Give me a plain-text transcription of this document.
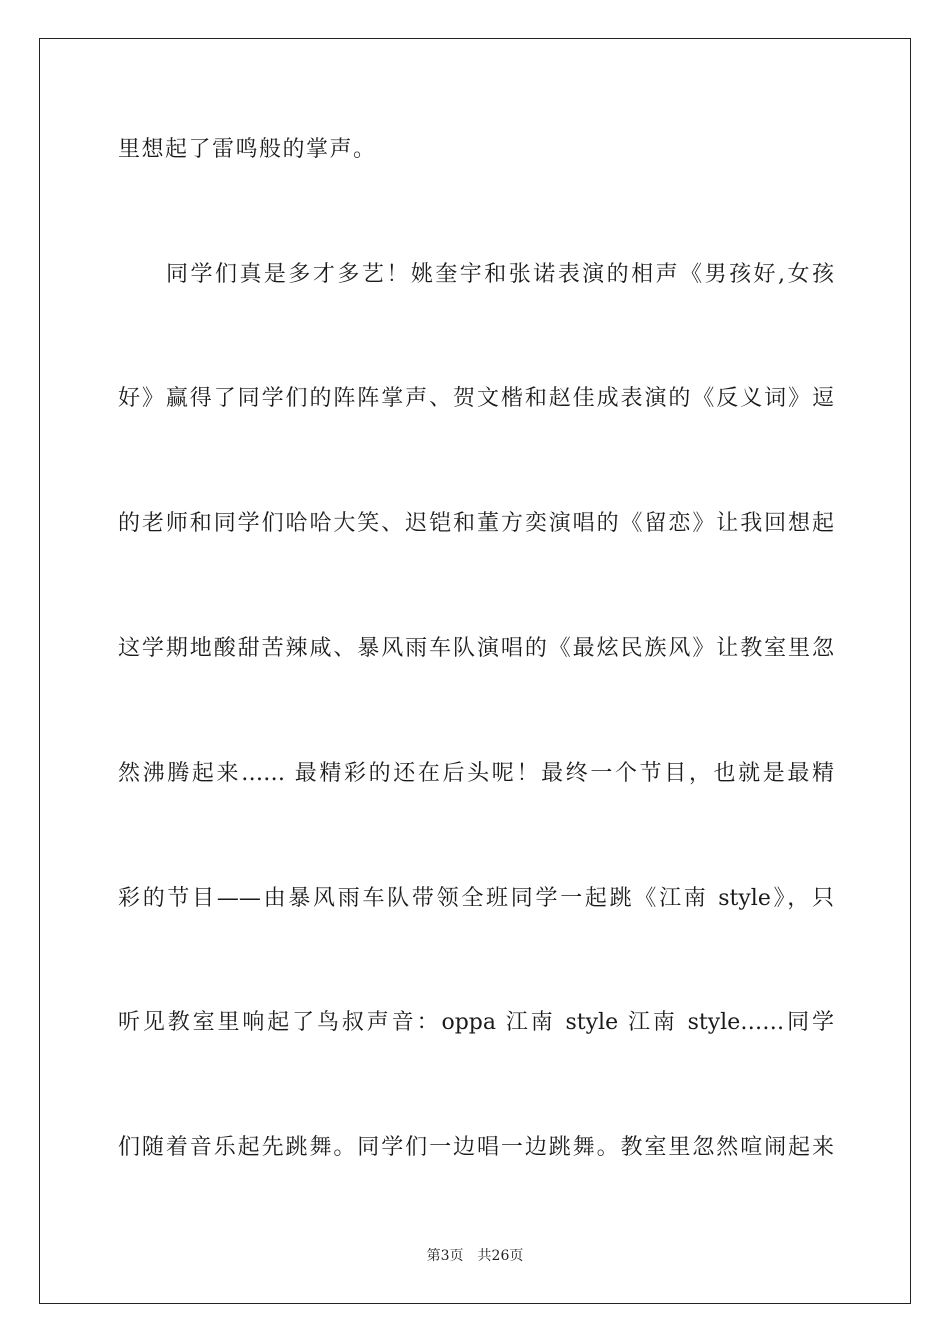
里想起了雷鸣般的掌声。
同学们真是多才多艺！姚奎宇和张诺表演的相声《男孩好,女孩
好》赢得了同学们的阵阵掌声、贺文楷和赵佳成表演的《反义词》逗
的老师和同学们哈哈大笑、迟铠和董方奕演唱的《留恋》让我回想起
这学期地酸甜苦辣咸、暴风雨车队演唱的《最炫民族风》让教室里忽
然沸腾起来…… 最精彩的还在后头呢！最终一个节目，也就是最精
彩的节目——由暴风雨车队带领全班同学一起跳《江南 style》，只
听见教室里响起了鸟叔声音：oppa 江南 style 江南 style……同学
们随着音乐起先跳舞。同学们一边唱一边跳舞。教室里忽然喧闹起来
第3页　共26页
